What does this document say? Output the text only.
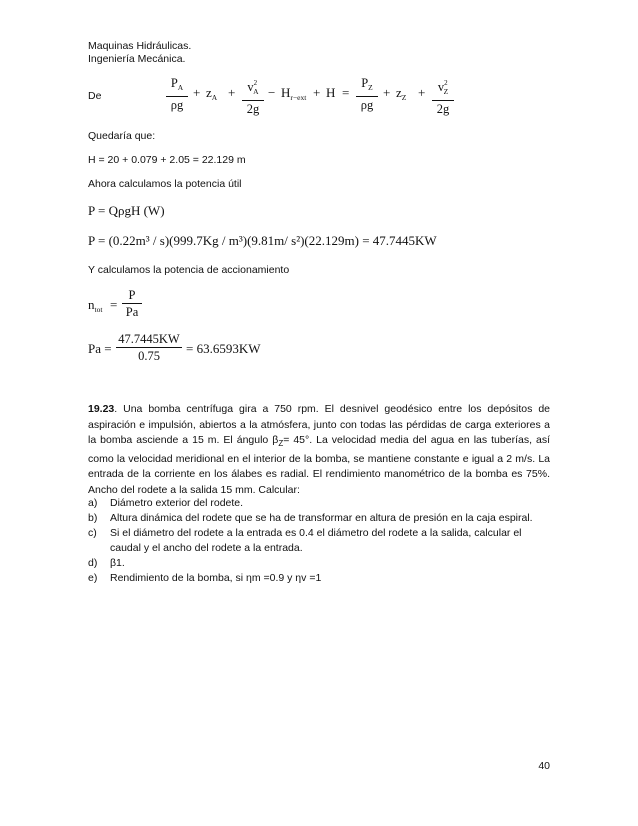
Maquinas Hidráulicas.
Ingeniería Mecánica.
De
$P_A$
ρg
+ $z_A + v^2_A$
2g
− $H_{r-ext} + H$ =
$P_Z$
ρg
+ $z_Z + v^2_Z$
2g
Quedaría que:
H = 20 + 0.079 + 2.05 = 22.129 m
Ahora calculamos la potencia útil
P = QρgH (W)
P = (0.22m³ / s)(999.7Kg / m³)(9.81m/ s²)(22.129m) = 47.7445KW
Y calculamos la potencia de accionamiento
$n_{tot}$ =
P
Pa
Pa =
47.7445KW
0.75	= 63.6593KW
19.23. Una bomba centrífuga gira a 750 rpm. El desnivel geodésico entre los depósitos de aspiración e impulsión, abiertos a la atmósfera, junto con todas las pérdidas de carga exteriores a la bomba asciende a 15 m. El ángulo $\beta_Z= 45^\circ$. La velocidad media del agua en las tuberías, así como la velocidad meridional en el interior de la bomba, se mantiene constante e igual a 2 m/s. La entrada de la corriente en los álabes es radial. El rendimiento manométrico de la bomba es 75%. Ancho del rodete a la salida 15 mm. Calcular:
a) Diámetro exterior del rodete.
b) Altura dinámica del rodete que se ha de transformar en altura de presión en la caja espiral.
c) Si el diámetro del rodete a la entrada es 0.4 el diámetro del rodete a la salida, calcular el caudal y el ancho del rodete a la entrada.
d) β1.
e) Rendimiento de la bomba, si ηm =0.9 y ηv =1
40
